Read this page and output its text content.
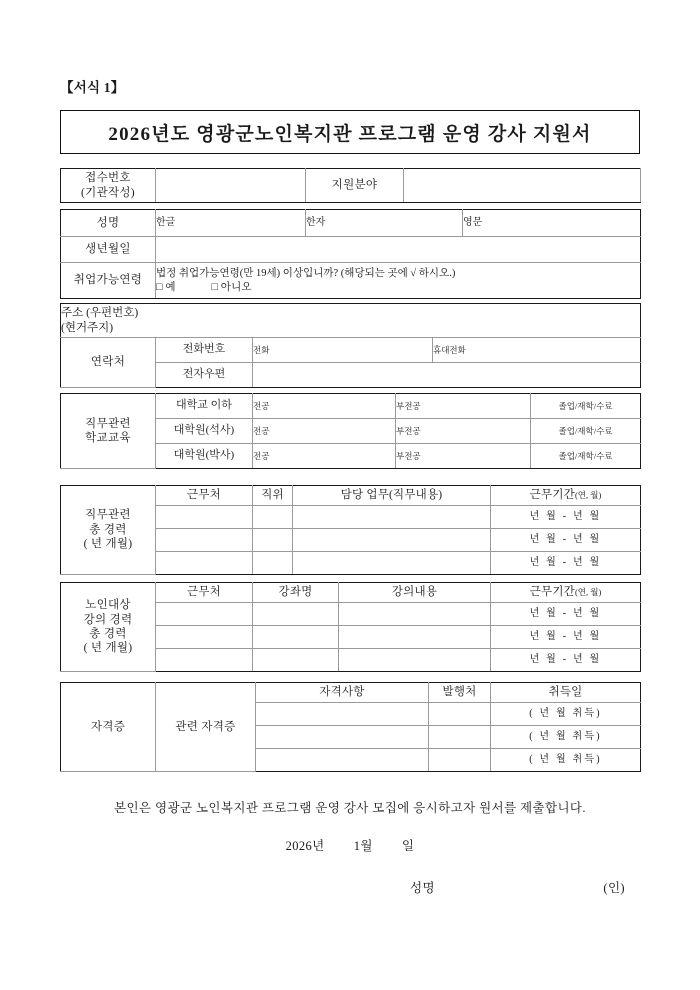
【서식 1】
2026년도 영광군노인복지관 프로그램 운영 강사 지원서
접수번호
(기관작성)
		지원분야	
성명	한글	한자	영문
생년월일			
취업가능연령	법정 취업가능연령(만 19세) 이상입니까? (해당되는 곳에 √ 하시오.)
□ 예 □ 아니오		
주소 (우편번호)
(현거주지)			
연락처	전화번호	전화	휴대전화
	전자우편		
직무관련
학교교육	대학교 이하	전공	부전공	졸업/재학/수료
	대학원(석사)	전공	부전공	졸업/재학/수료
	대학원(박사)	전공	부전공	졸업/재학/수료
직무관련
총 경력
( 년 개월)	근무처	직위	담당 업무(직무내용)	근무기간(연, 월)
				년 월 - 년 월
				년 월 - 년 월
				년 월 - 년 월
노인대상
강의 경력
총 경력
( 년 개월)	근무처	강좌명	강의내용	근무기간(연, 월)
				년 월 - 년 월
				년 월 - 년 월
				년 월 - 년 월
자격증	관련 자격증	자격사항	발행처	취득일
				( 년 월 취득)
				( 년 월 취득)
				( 년 월 취득)
본인은 영광군 노인복지관 프로그램 운영 강사 모집에 응시하고자 원서를 제출합니다.
2026년 1월 일
성명	(인)
